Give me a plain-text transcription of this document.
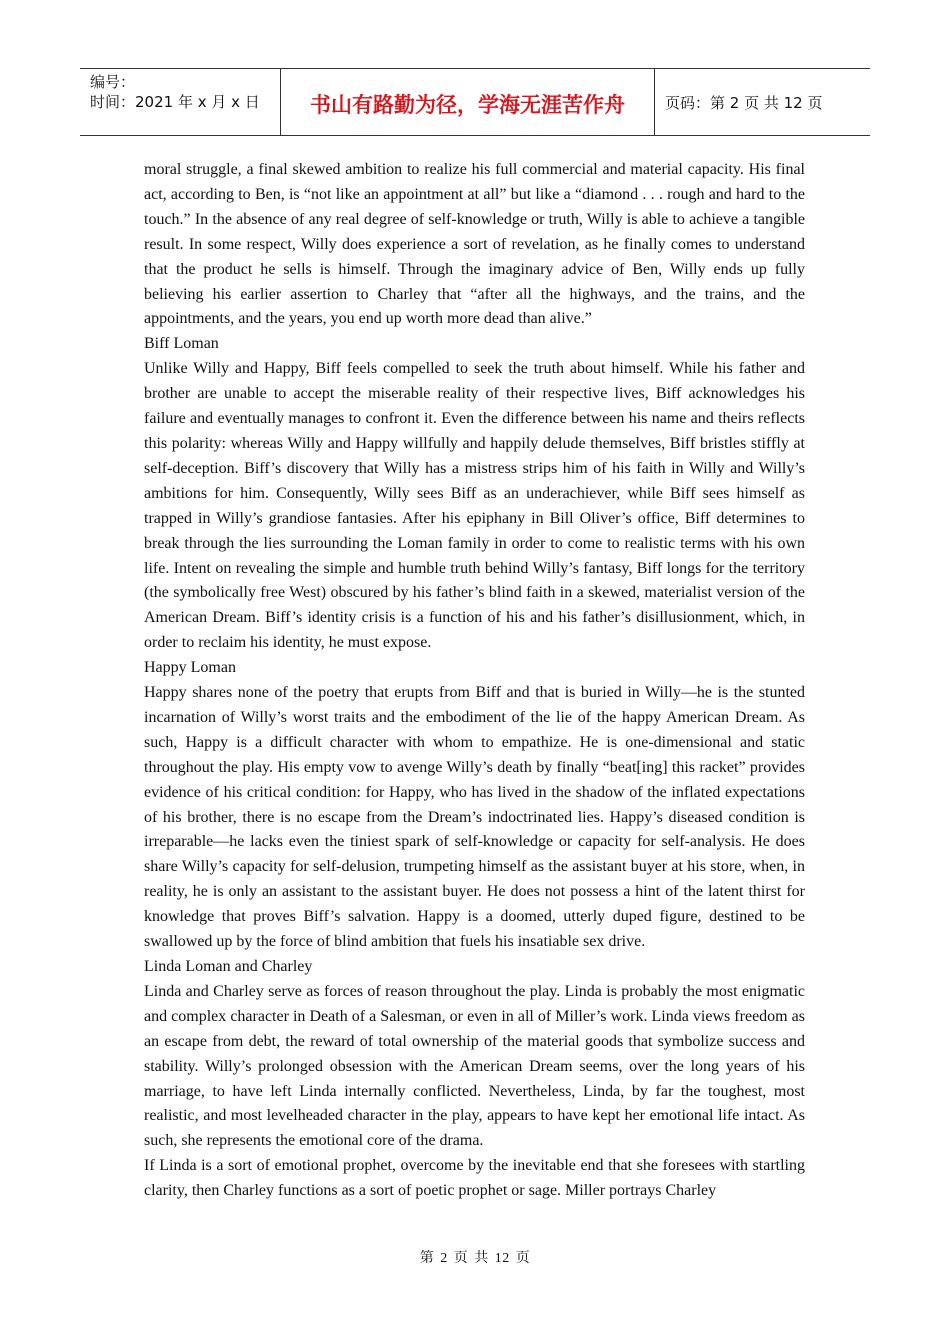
编号：
时间：2021 年 x 月 x 日	书山有路勤为径，学海无涯苦作舟	页码：第 2 页 共 12 页

moral struggle, a final skewed ambition to realize his full commercial and material capacity. His final act, according to Ben, is “not like an appointment at all” but like a “diamond . . . rough and hard to the touch.” In the absence of any real degree of self-knowledge or truth, Willy is able to achieve a tangible result. In some respect, Willy does experience a sort of revelation, as he finally comes to understand that the product he sells is himself. Through the imaginary advice of Ben, Willy ends up fully believing his earlier assertion to Charley that “after all the highways, and the trains, and the appointments, and the years, you end up worth more dead than alive.”

Biff Loman

Unlike Willy and Happy, Biff feels compelled to seek the truth about himself. While his father and brother are unable to accept the miserable reality of their respective lives, Biff acknowledges his failure and eventually manages to confront it. Even the difference between his name and theirs reflects this polarity: whereas Willy and Happy willfully and happily delude themselves, Biff bristles stiffly at self-deception. Biff’s discovery that Willy has a mistress strips him of his faith in Willy and Willy’s ambitions for him. Consequently, Willy sees Biff as an underachiever, while Biff sees himself as trapped in Willy’s grandiose fantasies. After his epiphany in Bill Oliver’s office, Biff determines to break through the lies surrounding the Loman family in order to come to realistic terms with his own life. Intent on revealing the simple and humble truth behind Willy’s fantasy, Biff longs for the territory (the symbolically free West) obscured by his father’s blind faith in a skewed, materialist version of the American Dream. Biff’s identity crisis is a function of his and his father’s disillusionment, which, in order to reclaim his identity, he must expose.

Happy Loman

Happy shares none of the poetry that erupts from Biff and that is buried in Willy—he is the stunted incarnation of Willy’s worst traits and the embodiment of the lie of the happy American Dream. As such, Happy is a difficult character with whom to empathize. He is one-dimensional and static throughout the play. His empty vow to avenge Willy’s death by finally “beat[ing] this racket” provides evidence of his critical condition: for Happy, who has lived in the shadow of the inflated expectations of his brother, there is no escape from the Dream’s indoctrinated lies. Happy’s diseased condition is irreparable—he lacks even the tiniest spark of self-knowledge or capacity for self-analysis. He does share Willy’s capacity for self-delusion, trumpeting himself as the assistant buyer at his store, when, in reality, he is only an assistant to the assistant buyer. He does not possess a hint of the latent thirst for knowledge that proves Biff’s salvation. Happy is a doomed, utterly duped figure, destined to be swallowed up by the force of blind ambition that fuels his insatiable sex drive.

Linda Loman and Charley

Linda and Charley serve as forces of reason throughout the play. Linda is probably the most enigmatic and complex character in Death of a Salesman, or even in all of Miller’s work. Linda views freedom as an escape from debt, the reward of total ownership of the material goods that symbolize success and stability. Willy’s prolonged obsession with the American Dream seems, over the long years of his marriage, to have left Linda internally conflicted. Nevertheless, Linda, by far the toughest, most realistic, and most levelheaded character in the play, appears to have kept her emotional life intact. As such, she represents the emotional core of the drama.

If Linda is a sort of emotional prophet, overcome by the inevitable end that she foresees with startling clarity, then Charley functions as a sort of poetic prophet or sage. Miller portrays Charley

第 2 页 共 12 页
